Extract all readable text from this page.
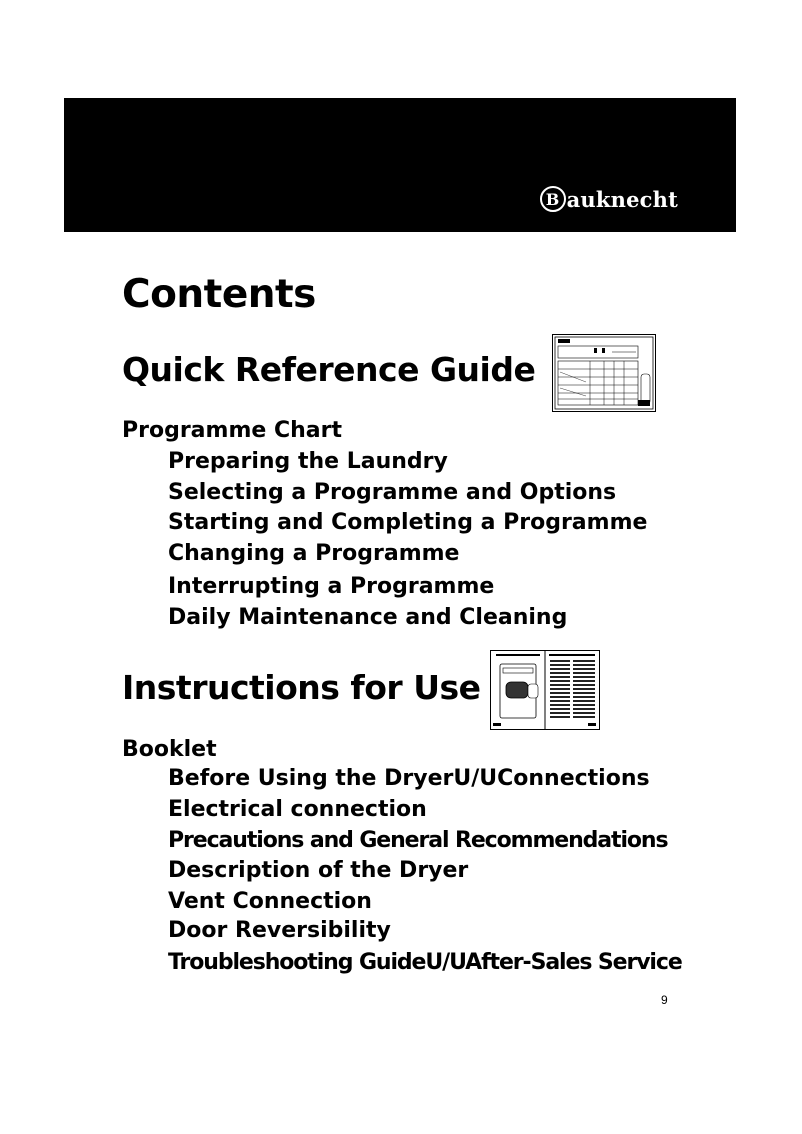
B auknecht
Contents
Quick Reference Guide
Programme Chart

Preparing the Laundry

Selecting a Programme and Options

Starting and Completing a Programme

Changing a Programme

Interrupting a Programme

Daily Maintenance and Cleaning

Instructions for Use
Booklet

Before Using the DryerU/UConnections

Electrical connection

Precautions and General Recommendations

Description of the Dryer

Vent Connection

Door Reversibility

Troubleshooting GuideU/UAfter-Sales Service

9
